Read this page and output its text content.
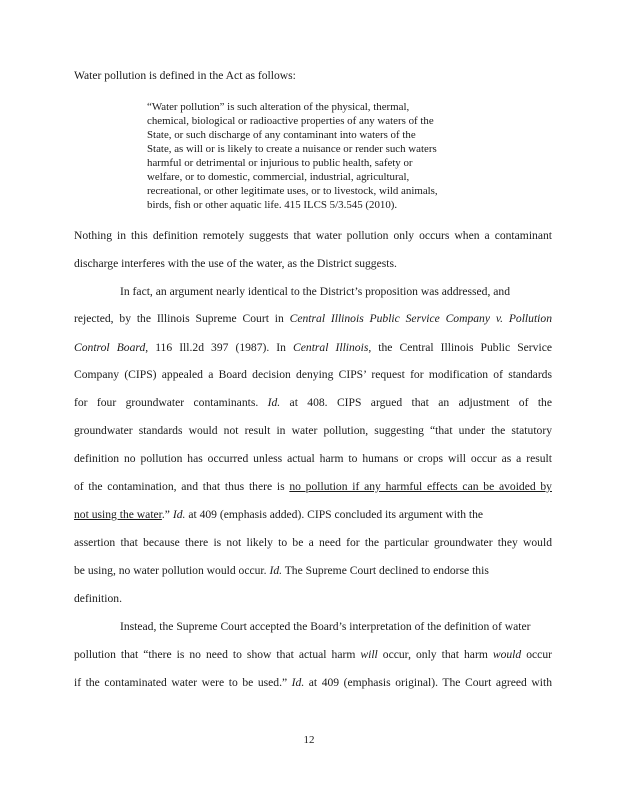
Water pollution is defined in the Act as follows:
“Water pollution” is such alteration of the physical, thermal,
chemical, biological or radioactive properties of any waters of the
State, or such discharge of any contaminant into waters of the
State, as will or is likely to create a nuisance or render such waters
harmful or detrimental or injurious to public health, safety or
welfare, or to domestic, commercial, industrial, agricultural,
recreational, or other legitimate uses, or to livestock, wild animals,
birds, fish or other aquatic life. 415 ILCS 5/3.545 (2010).
Nothing in this definition remotely suggests that water pollution only occurs when a contaminant
discharge interferes with the use of the water, as the District suggests.
In fact, an argument nearly identical to the District’s proposition was addressed, and
rejected, by the Illinois Supreme Court in Central Illinois Public Service Company v. Pollution
Control Board, 116 Ill.2d 397 (1987). In Central Illinois, the Central Illinois Public Service
Company (CIPS) appealed a Board decision denying CIPS’ request for modification of standards
for four groundwater contaminants. Id. at 408. CIPS argued that an adjustment of the
groundwater standards would not result in water pollution, suggesting “that under the statutory
definition no pollution has occurred unless actual harm to humans or crops will occur as a result
of the contamination, and that thus there is no pollution if any harmful effects can be avoided by
not using the water.” Id. at 409 (emphasis added). CIPS concluded its argument with the
assertion that because there is not likely to be a need for the particular groundwater they would
be using, no water pollution would occur. Id. The Supreme Court declined to endorse this
definition.
Instead, the Supreme Court accepted the Board’s interpretation of the definition of water
pollution that “there is no need to show that actual harm will occur, only that harm would occur
if the contaminated water were to be used.” Id. at 409 (emphasis original). The Court agreed with
12
